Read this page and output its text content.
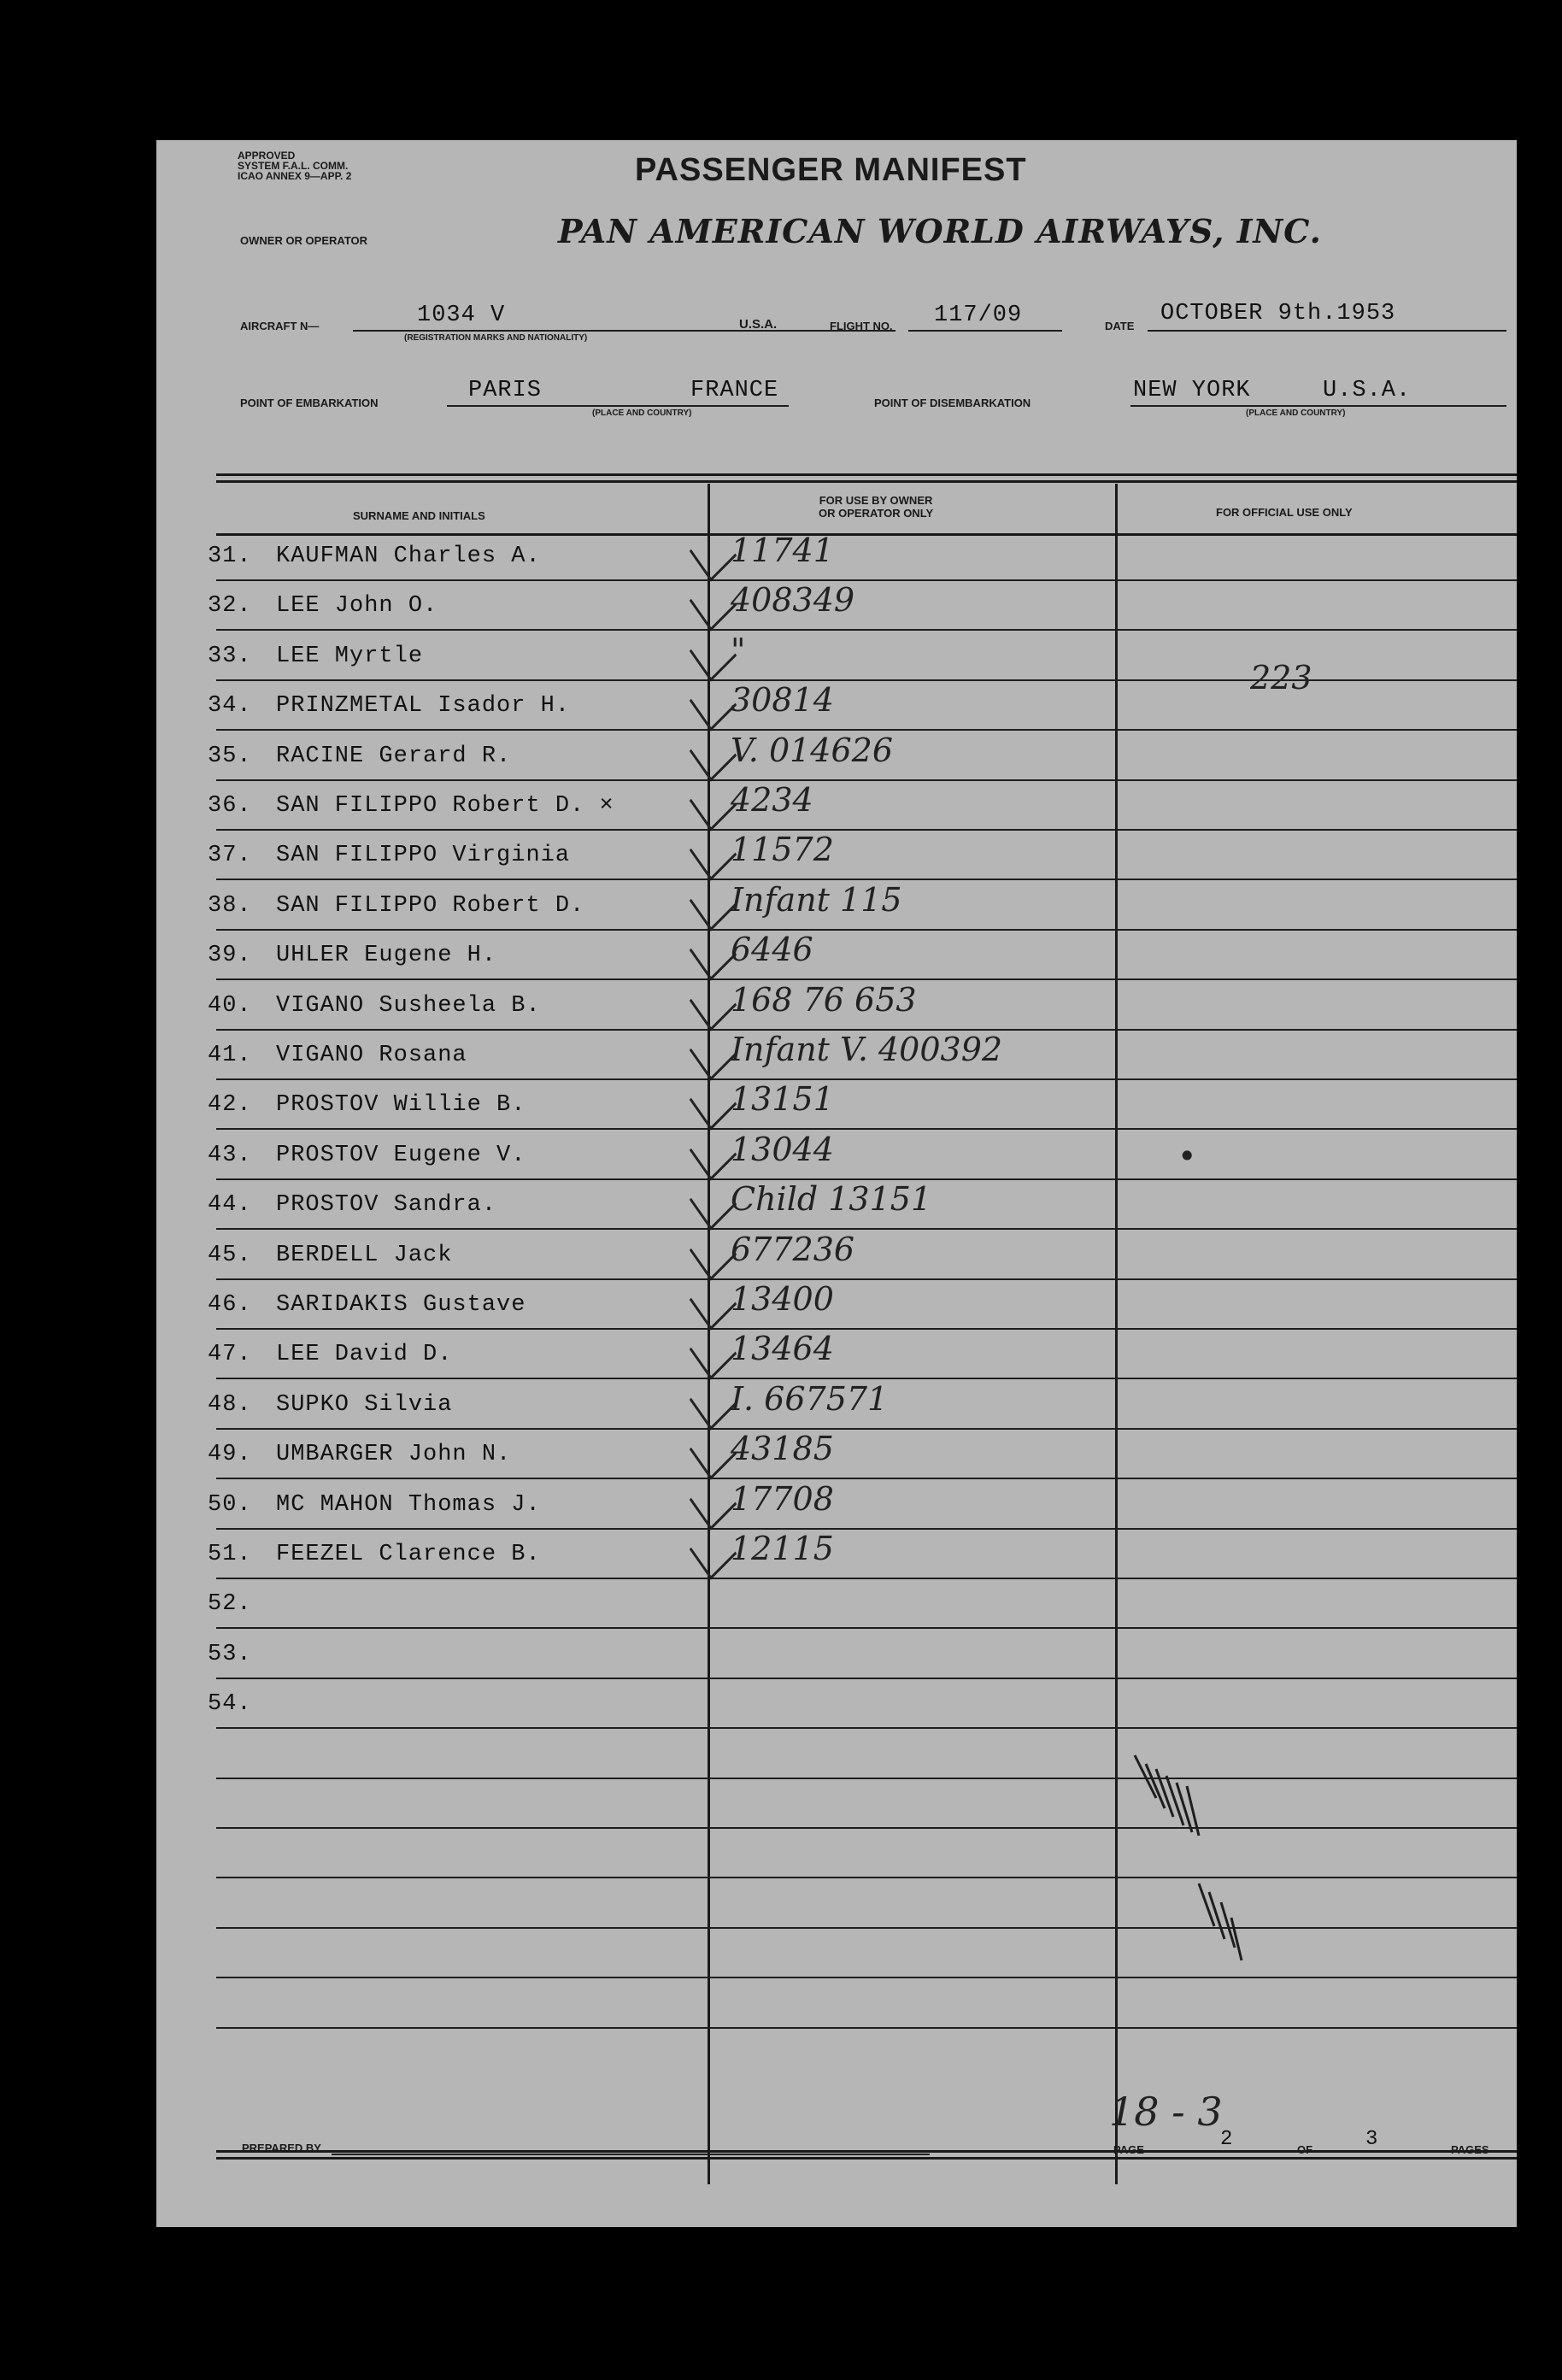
APPROVED
SYSTEM F.A.L. COMM.
ICAO ANNEX 9—APP. 2	PASSENGER MANIFEST
OWNER OR OPERATOR	PAN AMERICAN WORLD AIRWAYS, INC.
AIRCRAFT N—	1034 V
(REGISTRATION MARKS AND NATIONALITY)
U.S.A.	FLIGHT NO. 117/09	DATE OCTOBER 9th.1953
POINT OF EMBARKATION	PARIS	FRANCE
(PLACE AND COUNTRY)
POINT OF DISEMBARKATION	NEW YORK	U.S.A.
(PLACE AND COUNTRY)
SURNAME AND INITIALS
FOR USE BY OWNER
OR OPERATOR ONLY	FOR OFFICIAL USE ONLY
31. KAUFMAN Charles A.	11741
32. LEE John O.	408349
33. LEE Myrtle	"
34. PRINZMETAL Isador H.	30814
223
35. RACINE Gerard R.	V. 014626
36. SAN FILIPPO Robert D. ×	4234
37. SAN FILIPPO Virginia	11572
38. SAN FILIPPO Robert D.	Infant 115
39. UHLER Eugene H.	6446
40. VIGANO Susheela B.	168 76 653
41. VIGANO Rosana	Infant V. 400392
42. PROSTOV Willie B.	13151
43. PROSTOV Eugene V.	13044	•
44. PROSTOV Sandra.	Child 13151
45. BERDELL Jack	677236
46. SARIDAKIS Gustave	13400
47. LEE David D.	13464
48. SUPKO Silvia	I. 667571
49. UMBARGER John N.	43185
50. MC MAHON Thomas J.	17708
51. FEEZEL Clarence B.	12115
52.
53.
54.
18 - 3
PREPARED BY	PAGE	2	OF	3	PAGES
